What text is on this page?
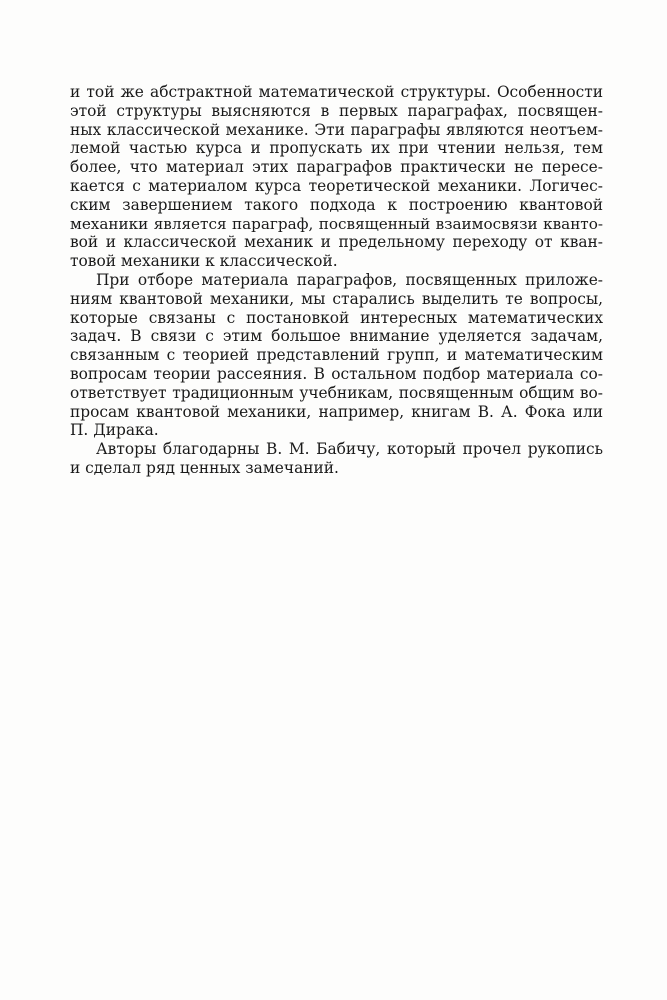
и той же абстрактной математической структуры. Особенности
этой структуры выясняются в первых параграфах, посвящен-
ных классической механике. Эти параграфы являются неотъем-
лемой частью курса и пропускать их при чтении нельзя, тем
более, что материал этих параграфов практически не пересе-
кается с материалом курса теоретической механики. Логичес-
ским завершением такого подхода к построению квантовой
механики является параграф, посвященный взаимосвязи кванто-
вой и классической механик и предельному переходу от кван-
товой механики к классической.
При отборе материала параграфов, посвященных приложе-
ниям квантовой механики, мы старались выделить те вопросы,
которые связаны с постановкой интересных математических
задач. В связи с этим большое внимание уделяется задачам,
связанным с теорией представлений групп, и математическим
вопросам теории рассеяния. В остальном подбор материала со-
ответствует традиционным учебникам, посвященным общим во-
просам квантовой механики, например, книгам В. А. Фока или
П. Дирака.
Авторы благодарны В. М. Бабичу, который прочел рукопись
и сделал ряд ценных замечаний.
